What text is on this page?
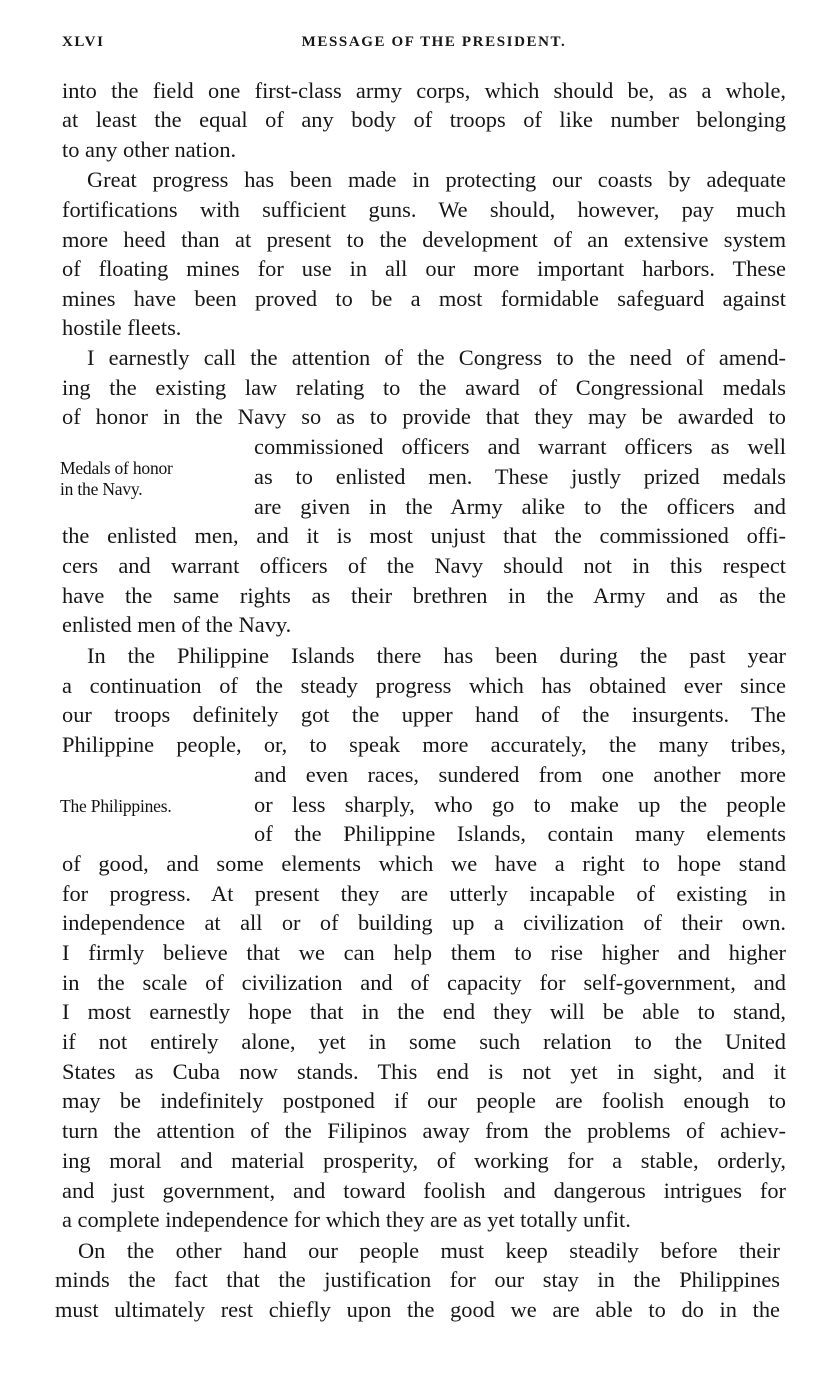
XLVI	MESSAGE OF THE PRESIDENT.
Medals of honor
in the Navy.
The Philippines.
into the field one first-class army corps, which should be, as a whole,
at least the equal of any body of troops of like number belonging
to any other nation.
Great progress has been made in protecting our coasts by adequate
fortifications with sufficient guns. We should, however, pay much
more heed than at present to the development of an extensive system
of floating mines for use in all our more important harbors. These
mines have been proved to be a most formidable safeguard against
hostile fleets.
I earnestly call the attention of the Congress to the need of amend-
ing the existing law relating to the award of Congressional medals
of honor in the Navy so as to provide that they may be awarded to
commissioned officers and warrant officers as well
as to enlisted men. These justly prized medals
are given in the Army alike to the officers and
the enlisted men, and it is most unjust that the commissioned offi-
cers and warrant officers of the Navy should not in this respect
have the same rights as their brethren in the Army and as the
enlisted men of the Navy.
In the Philippine Islands there has been during the past year
a continuation of the steady progress which has obtained ever since
our troops definitely got the upper hand of the insurgents. The
Philippine people, or, to speak more accurately, the many tribes,
and even races, sundered from one another more
or less sharply, who go to make up the people
of the Philippine Islands, contain many elements
of good, and some elements which we have a right to hope stand
for progress. At present they are utterly incapable of existing in
independence at all or of building up a civilization of their own.
I firmly believe that we can help them to rise higher and higher
in the scale of civilization and of capacity for self-government, and
I most earnestly hope that in the end they will be able to stand,
if not entirely alone, yet in some such relation to the United
States as Cuba now stands. This end is not yet in sight, and it
may be indefinitely postponed if our people are foolish enough to
turn the attention of the Filipinos away from the problems of achiev-
ing moral and material prosperity, of working for a stable, orderly,
and just government, and toward foolish and dangerous intrigues for
a complete independence for which they are as yet totally unfit.
On the other hand our people must keep steadily before their
minds the fact that the justification for our stay in the Philippines
must ultimately rest chiefly upon the good we are able to do in the
